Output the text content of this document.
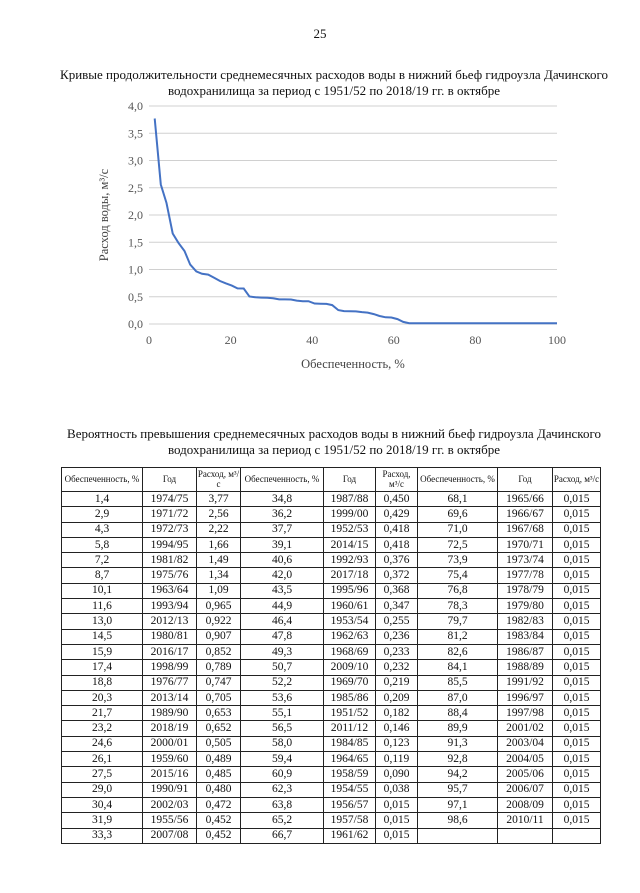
25
Кривые продолжительности среднемесячных расходов воды в нижний бьеф гидроузла Дачинского водохранилища за период с 1951/52 по 2018/19 гг. в октябре
0,0
0,5
1,0
1,5
2,0
2,5
3,0
3,5
4,0
0	20	40	60	80	100
Обеспеченность, %
Расход воды, м³/с
Вероятность превышения среднемесячных расходов воды в нижний бьеф гидроузла Дачинского водохранилища за период с 1951/52 по 2018/19 гг. в октябре
Обеспеченность, %	Год	Расход, м³/с	Обеспеченность, %	Год	Расход, м³/с	Обеспеченность, %	Год	Расход, м³/с
1,4	1974/75	3,77	34,8	1987/88	0,450	68,1	1965/66	0,015
2,9	1971/72	2,56	36,2	1999/00	0,429	69,6	1966/67	0,015
4,3	1972/73	2,22	37,7	1952/53	0,418	71,0	1967/68	0,015
5,8	1994/95	1,66	39,1	2014/15	0,418	72,5	1970/71	0,015
7,2	1981/82	1,49	40,6	1992/93	0,376	73,9	1973/74	0,015
8,7	1975/76	1,34	42,0	2017/18	0,372	75,4	1977/78	0,015
10,1	1963/64	1,09	43,5	1995/96	0,368	76,8	1978/79	0,015
11,6	1993/94	0,965	44,9	1960/61	0,347	78,3	1979/80	0,015
13,0	2012/13	0,922	46,4	1953/54	0,255	79,7	1982/83	0,015
14,5	1980/81	0,907	47,8	1962/63	0,236	81,2	1983/84	0,015
15,9	2016/17	0,852	49,3	1968/69	0,233	82,6	1986/87	0,015
17,4	1998/99	0,789	50,7	2009/10	0,232	84,1	1988/89	0,015
18,8	1976/77	0,747	52,2	1969/70	0,219	85,5	1991/92	0,015
20,3	2013/14	0,705	53,6	1985/86	0,209	87,0	1996/97	0,015
21,7	1989/90	0,653	55,1	1951/52	0,182	88,4	1997/98	0,015
23,2	2018/19	0,652	56,5	2011/12	0,146	89,9	2001/02	0,015
24,6	2000/01	0,505	58,0	1984/85	0,123	91,3	2003/04	0,015
26,1	1959/60	0,489	59,4	1964/65	0,119	92,8	2004/05	0,015
27,5	2015/16	0,485	60,9	1958/59	0,090	94,2	2005/06	0,015
29,0	1990/91	0,480	62,3	1954/55	0,038	95,7	2006/07	0,015
30,4	2002/03	0,472	63,8	1956/57	0,015	97,1	2008/09	0,015
31,9	1955/56	0,452	65,2	1957/58	0,015	98,6	2010/11	0,015
33,3	2007/08	0,452	66,7	1961/62	0,015			
